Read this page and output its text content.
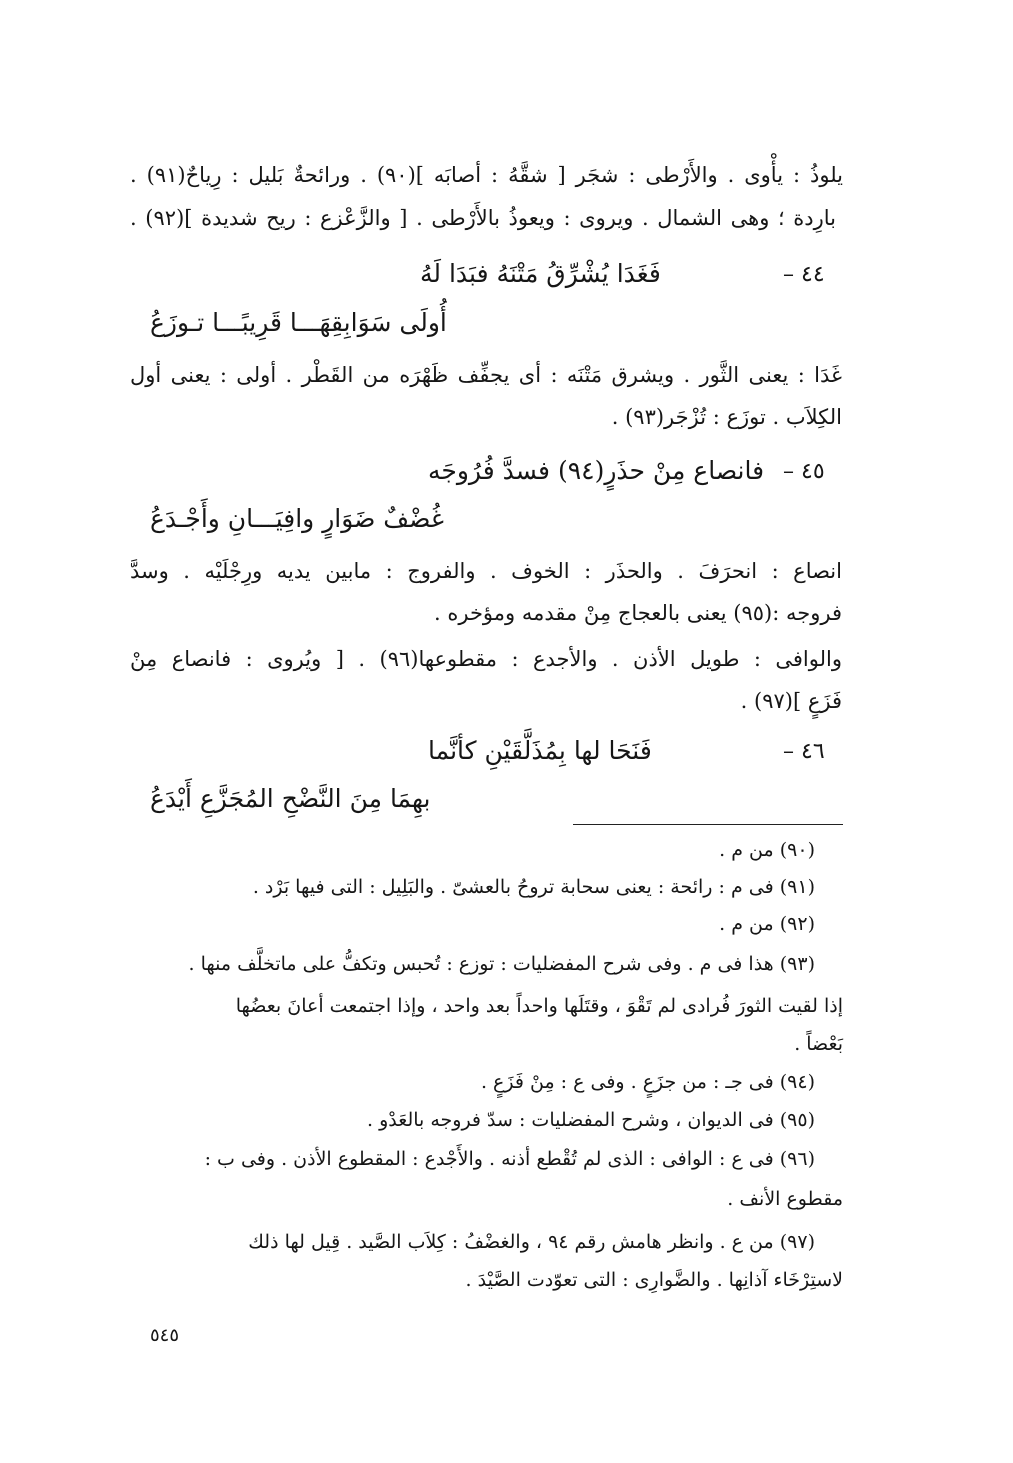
يلوذُ : يأْوى . والأَرْطى : شجَر [ شقَّهُ : أصابَه ](٩٠) . ورائحةٌ بَليل : رِياحٌ(٩١) .
بارِدة ؛ وهى الشمال . ويروى : ويعوذُ بالأَرْطى . [ والزَّعْزع : ريح شديدة ](٩٢) .
٤٤ –
فَغَدَا يُشْرِّقُ مَتْنَهُ فبَدَا لَهُ
أُولَى سَوَابِقِهَـــا قَرِيبًـــا تـوزَعُ
غَدَا : يعنى الثَّور . ويشرق مَتْنَه : أى يجفِّف ظَهْرَه من القَطْر . أولى : يعنى أول
الكِلاَب . توزَع : تُزْجَر(٩٣) .
٤٥ –
فانصاع مِنْ حذَرٍ(٩٤) فسدَّ فُرُوجَه
غُضْفٌ ضَوَارٍ وافِيَـــانِ وأَجْـدَعُ
انصاع : انحرَفَ . والحذَر : الخوف . والفروج : مابين يديه ورِجْلَيْه . وسدَّ
فروجه :(٩٥) يعنى بالعجاج مِنْ مقدمه ومؤخره .
والوافى : طويل الأذن . والأجدع : مقطوعها(٩٦) . [ ويُروى : فانصاع مِنْ
فَزَعٍ ](٩٧) .
٤٦ –
فَنَحَا لها بِمُذَلَّقَيْنِ كأنَّما
بهِمَا مِنَ النَّضْحِ المُجَزَّعِ أَيْدَعُ
(٩٠) من م .
(٩١) فى م : رائحة : يعنى سحابة تروحُ بالعشىّ . والبَلِيل : التى فيها بَرْد .
(٩٢) من م .
(٩٣) هذا فى م . وفى شرح المفضليات : توزع : تُحبس وتكفُّ على ماتخلَّف منها .
إذا لقيت الثورَ فُرادى لم تَقْوَ ، وقتَلَها واحداً بعد واحد ، وإذا اجتمعت أعانَ بعضُها
بَعْضاً .
(٩٤) فى جـ : من جزَعٍ . وفى ع : مِنْ فَزَعٍ .
(٩٥) فى الديوان ، وشرح المفضليات : سدّ فروجه بالعَدْو .
(٩٦) فى ع : الوافى : الذى لم تُقْطع أذنه . والأَجْدع : المقطوع الأذن . وفى ب :
مقطوع الأنف .
(٩٧) من ع . وانظر هامش رقم ٩٤ ، والغضْفُ : كِلاَب الصَّيد . قِيل لها ذلك
لاستِرْخَاء آذانِها . والضَّوارِى : التى تعوّدت الصَّيْدَ .
٥٤٥
